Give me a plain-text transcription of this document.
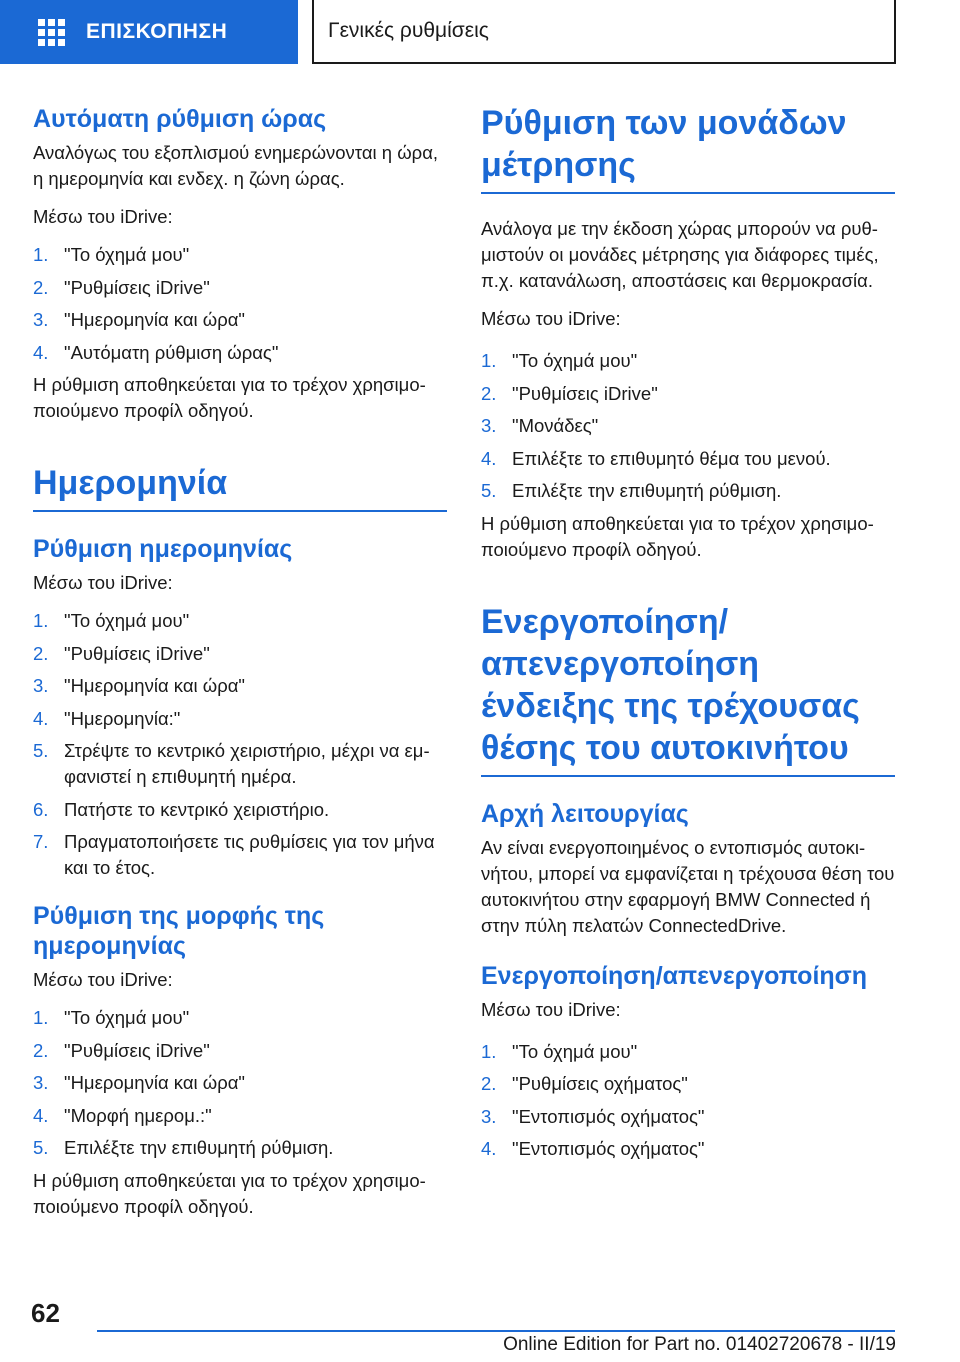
ΕΠΙΣΚΟΠΗΣΗ	Γενικές ρυθμίσεις
Αυτόματη ρύθμιση ώρας

Αναλόγως του εξοπλισμού ενημερώνονται η ώρα, η ημερομηνία και ενδεχ. η ζώνη ώρας.

Μέσω του iDrive:

1. "Το όχημά μου"
2. "Ρυθμίσεις iDrive"
3. "Ημερομηνία και ώρα"
4. "Αυτόματη ρύθμιση ώρας"

Η ρύθμιση αποθηκεύεται για το τρέχον χρησιμοποιούμενο προφίλ οδηγού.

Ημερομηνία
Ρύθμιση ημερομηνίας

Μέσω του iDrive:

1. "Το όχημά μου"
2. "Ρυθμίσεις iDrive"
3. "Ημερομηνία και ώρα"
4. "Ημερομηνία:"
5. Στρέψτε το κεντρικό χειριστήριο, μέχρι να εμφανιστεί η επιθυμητή ημέρα.
6. Πατήστε το κεντρικό χειριστήριο.
7. Πραγματοποιήσετε τις ρυθμίσεις για τον μήνα και το έτος.
Ρύθμιση της μορφής της ημερομηνίας

Μέσω του iDrive:

1. "Το όχημά μου"
2. "Ρυθμίσεις iDrive"
3. "Ημερομηνία και ώρα"
4. "Μορφή ημερομ.:"
5. Επιλέξτε την επιθυμητή ρύθμιση.

Η ρύθμιση αποθηκεύεται για το τρέχον χρησιμοποιούμενο προφίλ οδηγού.

Ρύθμιση των μονάδων μέτρησης

Ανάλογα με την έκδοση χώρας μπορούν να ρυθμιστούν οι μονάδες μέτρησης για διάφορες τιμές, π.χ. κατανάλωση, αποστάσεις και θερμοκρασία.

Μέσω του iDrive:

1. "Το όχημά μου"
2. "Ρυθμίσεις iDrive"
3. "Μονάδες"
4. Επιλέξτε το επιθυμητό θέμα του μενού.
5. Επιλέξτε την επιθυμητή ρύθμιση.

Η ρύθμιση αποθηκεύεται για το τρέχον χρησιμοποιούμενο προφίλ οδηγού.

Ενεργοποίηση/ απενεργοποίηση ένδειξης της τρέχουσας θέσης του αυτοκινήτου
Αρχή λειτουργίας

Αν είναι ενεργοποιημένος ο εντοπισμός αυτοκινήτου, μπορεί να εμφανίζεται η τρέχουσα θέση του αυτοκινήτου στην εφαρμογή BMW Connected ή στην πύλη πελατών ConnectedDrive.

Ενεργοποίηση/απενεργοποίηση

Μέσω του iDrive:

1. "Το όχημά μου"
2. "Ρυθμίσεις οχήματος"
3. "Εντοπισμός οχήματος"
4. "Εντοπισμός οχήματος"
62
Online Edition for Part no. 01402720678 - II/19
